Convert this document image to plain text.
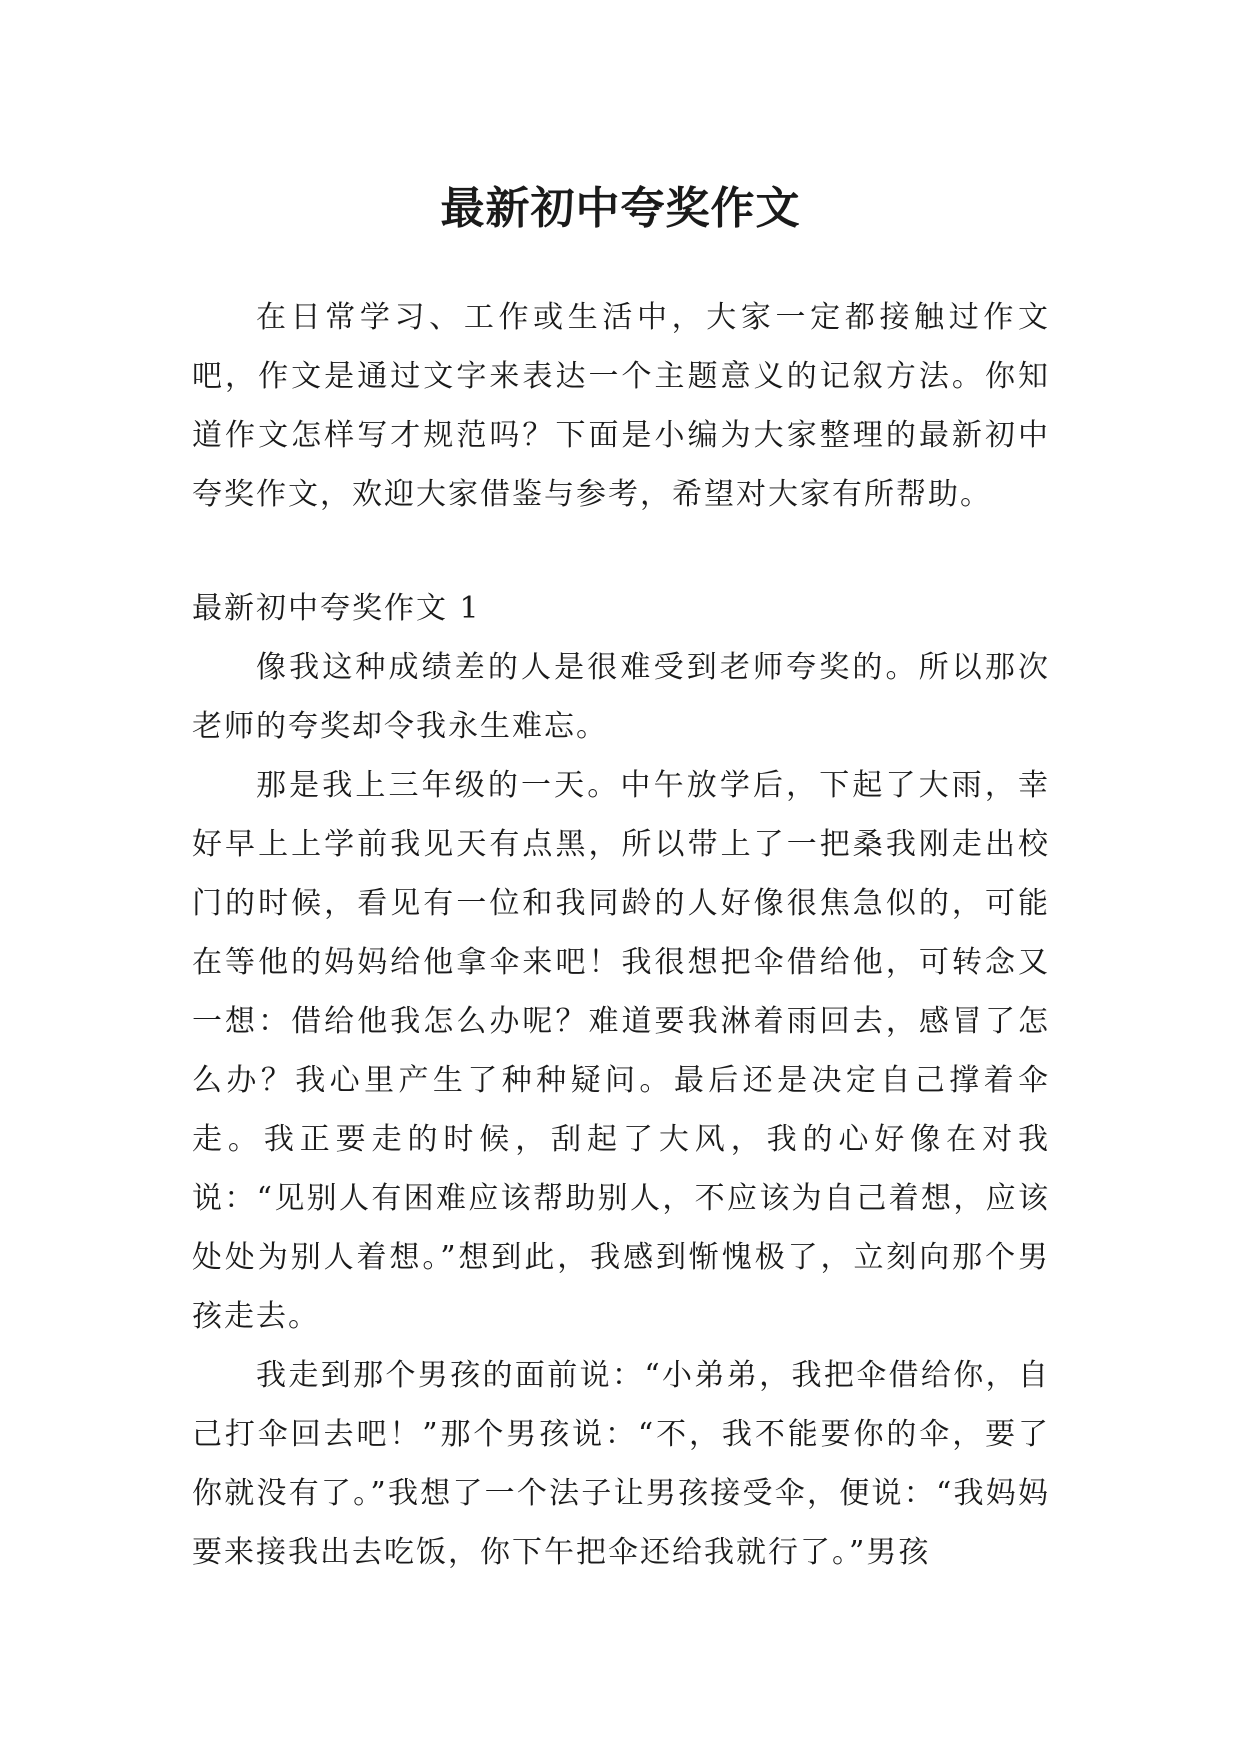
最新初中夸奖作文

在日常学习、工作或生活中，大家一定都接触过作文吧，作文是通过文字来表达一个主题意义的记叙方法。你知道作文怎样写才规范吗？下面是小编为大家整理的最新初中夸奖作文，欢迎大家借鉴与参考，希望对大家有所帮助。

最新初中夸奖作文 1

像我这种成绩差的人是很难受到老师夸奖的。所以那次老师的夸奖却令我永生难忘。

那是我上三年级的一天。中午放学后，下起了大雨，幸好早上上学前我见天有点黑，所以带上了一把桑我刚走出校门的时候，看见有一位和我同龄的人好像很焦急似的，可能在等他的妈妈给他拿伞来吧！我很想把伞借给他，可转念又一想：借给他我怎么办呢？难道要我淋着雨回去，感冒了怎么办？我心里产生了种种疑问。最后还是决定自己撑着伞走。我正要走的时候，刮起了大风，我的心好像在对我说：“见别人有困难应该帮助别人，不应该为自己着想，应该处处为别人着想。”想到此，我感到惭愧极了，立刻向那个男孩走去。

我走到那个男孩的面前说：“小弟弟，我把伞借给你，自己打伞回去吧！”那个男孩说：“不，我不能要你的伞，要了你就没有了。”我想了一个法子让男孩接受伞，便说：“我妈妈要来接我出去吃饭，你下午把伞还给我就行了。”男孩
